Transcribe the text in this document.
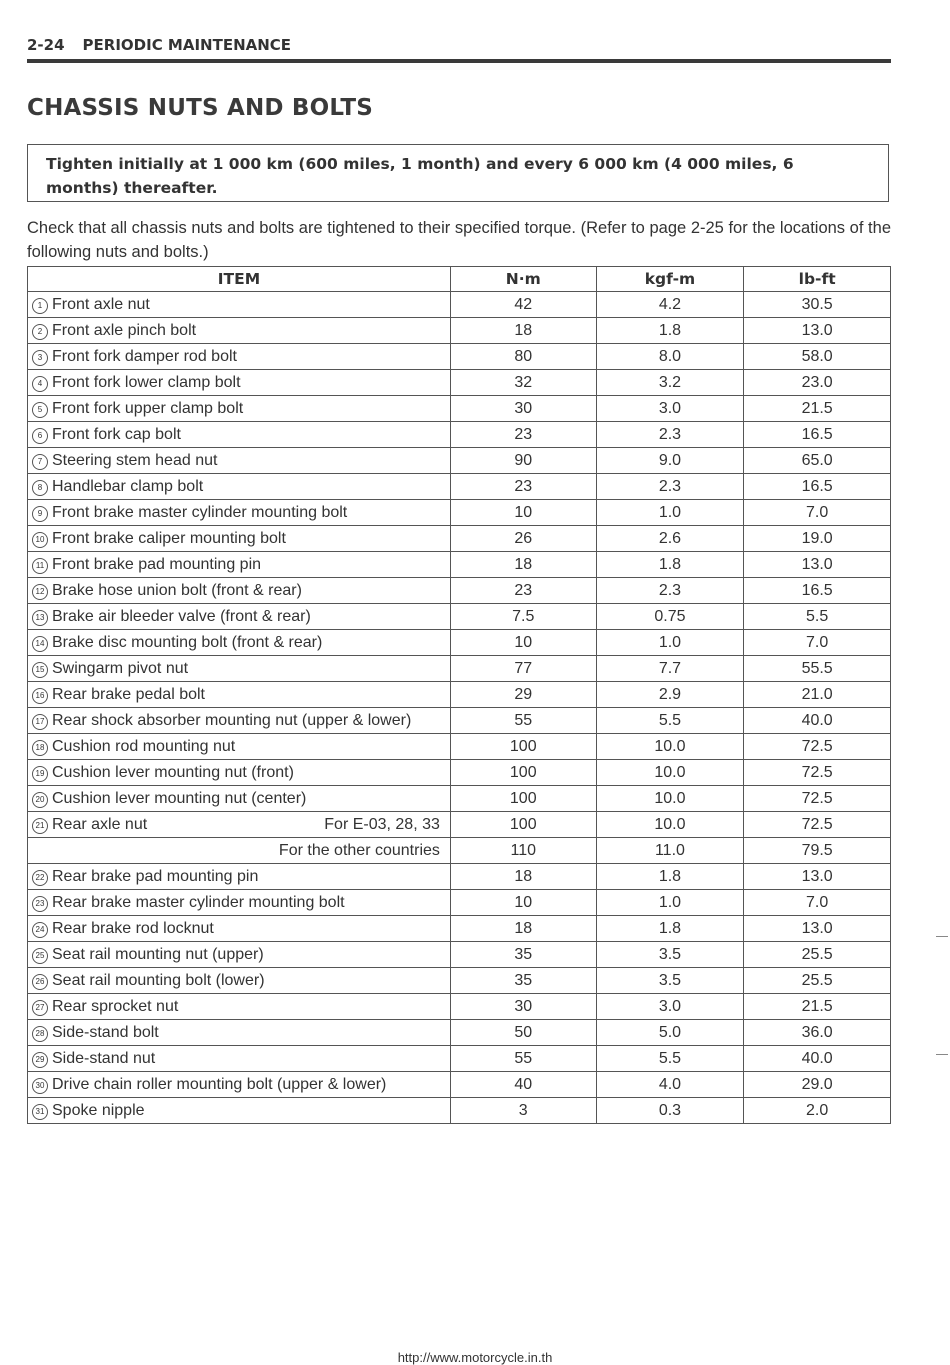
2-24 PERIODIC MAINTENANCE
CHASSIS NUTS AND BOLTS
Tighten initially at 1 000 km (600 miles, 1 month) and every 6 000 km (4 000 miles, 6 months) thereafter.
Check that all chassis nuts and bolts are tightened to their specified torque. (Refer to page 2-25 for the locations of the following nuts and bolts.)
ITEM	N·m	kgf-m	lb-ft
1 Front axle nut	42	4.2	30.5
2 Front axle pinch bolt	18	1.8	13.0
3 Front fork damper rod bolt	80	8.0	58.0
4 Front fork lower clamp bolt	32	3.2	23.0
5 Front fork upper clamp bolt	30	3.0	21.5
6 Front fork cap bolt	23	2.3	16.5
7 Steering stem head nut	90	9.0	65.0
8 Handlebar clamp bolt	23	2.3	16.5
9 Front brake master cylinder mounting bolt	10	1.0	7.0
10 Front brake caliper mounting bolt	26	2.6	19.0
11 Front brake pad mounting pin	18	1.8	13.0
12 Brake hose union bolt (front & rear)	23	2.3	16.5
13 Brake air bleeder valve (front & rear)	7.5	0.75	5.5
14 Brake disc mounting bolt (front & rear)	10	1.0	7.0
15 Swingarm pivot nut	77	7.7	55.5
16 Rear brake pedal bolt	29	2.9	21.0
17 Rear shock absorber mounting nut (upper & lower)	55	5.5	40.0
18 Cushion rod mounting nut	100	10.0	72.5
19 Cushion lever mounting nut (front)	100	10.0	72.5
20 Cushion lever mounting nut (center)	100	10.0	72.5

21 Rear axle nut For E-03, 28, 33	100	10.0	72.5
For the other countries	110	11.0	79.5
22 Rear brake pad mounting pin	18	1.8	13.0
23 Rear brake master cylinder mounting bolt	10	1.0	7.0
24 Rear brake rod locknut	18	1.8	13.0
25 Seat rail mounting nut (upper)	35	3.5	25.5
26 Seat rail mounting bolt (lower)	35	3.5	25.5
27 Rear sprocket nut	30	3.0	21.5
28 Side-stand bolt	50	5.0	36.0
29 Side-stand nut	55	5.5	40.0
30 Drive chain roller mounting bolt (upper & lower)	40	4.0	29.0
31 Spoke nipple	3	0.3	2.0
http://www.motorcycle.in.th
